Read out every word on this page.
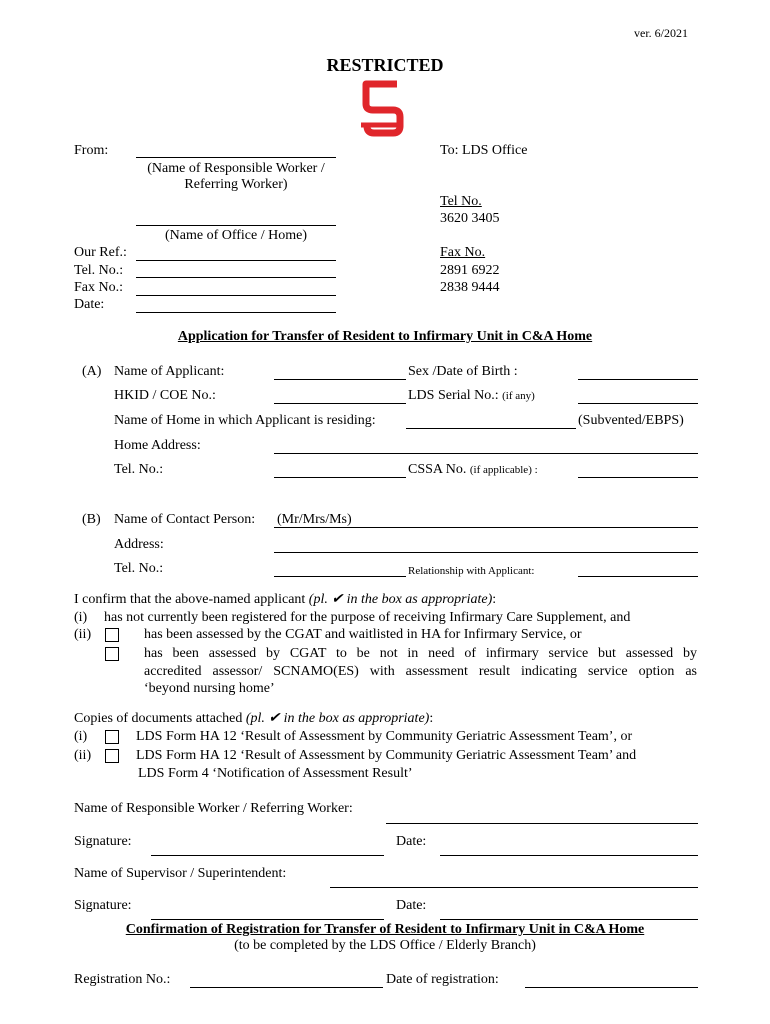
ver. 6/2021
RESTRICTED
From:
(Name of Responsible Worker /
Referring Worker)
(Name of Office / Home)
Our Ref.:
Tel. No.:
Fax No.:
Date:
To: LDS Office
Tel No.
3620 3405
Fax No.
2891 6922
2838 9444
Application for Transfer of Resident to Infirmary Unit in C&A Home
(A) Name of Applicant:	Sex /Date of Birth :
HKID / COE No.:	LDS Serial No.: (if any)
Name of Home in which Applicant is residing:	(Subvented/EBPS)
Home Address:
Tel. No.:	CSSA No. (if applicable) :
(B) Name of Contact Person: (Mr/Mrs/Ms)
Address:
Tel. No.:	Relationship with Applicant:
I confirm that the above-named applicant (pl. ✔ in the box as appropriate):
(i) has not currently been registered for the purpose of receiving Infirmary Care Supplement, and
(ii)	has been assessed by the CGAT and waitlisted in HA for Infirmary Service, or
has been assessed by CGAT to be not in need of infirmary service but assessed by
accredited assessor/ SCNAMO(ES) with assessment result indicating service option as
‘beyond nursing home’
Copies of documents attached (pl. ✔ in the box as appropriate):
(i)	LDS Form HA 12 ‘Result of Assessment by Community Geriatric Assessment Team’, or
(ii)	LDS Form HA 12 ‘Result of Assessment by Community Geriatric Assessment Team’ and
LDS Form 4 ‘Notification of Assessment Result’
Name of Responsible Worker / Referring Worker:
Signature:	Date:
Name of Supervisor / Superintendent:
Signature:	Date:
Confirmation of Registration for Transfer of Resident to Infirmary Unit in C&A Home
(to be completed by the LDS Office / Elderly Branch)
Registration No.:	Date of registration:
